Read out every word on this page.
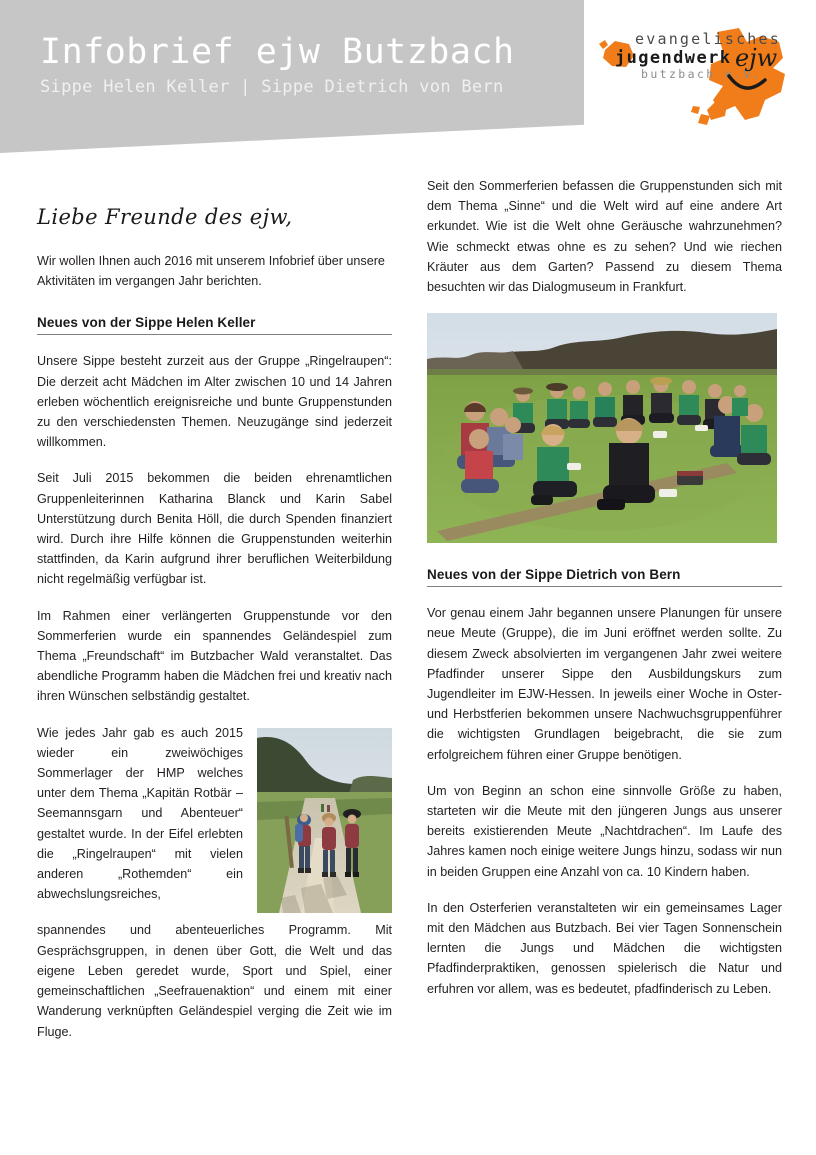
Infobrief ejw Butzbach
Sippe Helen Keller | Sippe Dietrich von Bern
evangelisches
jugendwerk
butzbach e.V.
ejw
Liebe Freunde des ejw,

Wir wollen Ihnen auch 2016 mit unserem Infobrief über unsere Aktivitäten im vergangen Jahr berichten.

Neues von der Sippe Helen Keller

Unsere Sippe besteht zurzeit aus der Gruppe „Ringelraupen“: Die derzeit acht Mädchen im Alter zwischen 10 und 14 Jahren erleben wöchentlich ereignisreiche und bunte Gruppenstunden zu den verschiedensten Themen. Neuzugänge sind jederzeit willkommen.

Seit Juli 2015 bekommen die beiden ehrenamtlichen Gruppenleiterinnen Katharina Blanck und Karin Sabel Unterstützung durch Benita Höll, die durch Spenden finanziert wird. Durch ihre Hilfe können die Gruppenstunden weiterhin stattfinden, da Karin aufgrund ihrer beruflichen Weiterbildung nicht regelmäßig verfügbar ist.

Im Rahmen einer verlängerten Gruppenstunde vor den Sommerferien wurde ein spannendes Geländespiel zum Thema „Freundschaft“ im Butzbacher Wald veranstaltet. Das abendliche Programm haben die Mädchen frei und kreativ nach ihren Wünschen selbständig gestaltet.

Wie jedes Jahr gab es auch 2015 wieder ein zweiwöchiges Sommerlager der HMP welches unter dem Thema „Kapitän Rotbär – Seemannsgarn und Abenteuer“ gestaltet wurde. In der Eifel erlebten die „Ringelraupen“ mit vielen anderen „Rothemden“ ein abwechslungsreiches,

spannendes und abenteuerliches Programm. Mit Gesprächsgruppen, in denen über Gott, die Welt und das eigene Leben geredet wurde, Sport und Spiel, einer gemeinschaftlichen „Seefrauenaktion“ und einem mit einer Wanderung verknüpften Geländespiel verging die Zeit wie im Fluge.

Seit den Sommerferien befassen die Gruppenstunden sich mit dem Thema „Sinne“ und die Welt wird auf eine andere Art erkundet. Wie ist die Welt ohne Geräusche wahrzunehmen? Wie schmeckt etwas ohne es zu sehen? Und wie riechen Kräuter aus dem Garten? Passend zu diesem Thema besuchten wir das Dialogmuseum in Frankfurt.

Neues von der Sippe Dietrich von Bern

Vor genau einem Jahr begannen unsere Planungen für unsere neue Meute (Gruppe), die im Juni eröffnet werden sollte. Zu diesem Zweck absolvierten im vergangenen Jahr zwei weitere Pfadfinder unserer Sippe den Ausbildungskurs zum Jugendleiter im EJW-Hessen. In jeweils einer Woche in Oster- und Herbstferien bekommen unsere Nachwuchsgruppenführer die wichtigsten Grundlagen beigebracht, die sie zum erfolgreichem führen einer Gruppe benötigen.

Um von Beginn an schon eine sinnvolle Größe zu haben, starteten wir die Meute mit den jüngeren Jungs aus unserer bereits existierenden Meute „Nachtdrachen“. Im Laufe des Jahres kamen noch einige weitere Jungs hinzu, sodass wir nun in beiden Gruppen eine Anzahl von ca. 10 Kindern haben.

In den Osterferien veranstalteten wir ein gemeinsames Lager mit den Mädchen aus Butzbach. Bei vier Tagen Sonnenschein lernten die Jungs und Mädchen die wichtigsten Pfadfinderpraktiken, genossen spielerisch die Natur und erfuhren vor allem, was es bedeutet, pfadfinderisch zu Leben.
